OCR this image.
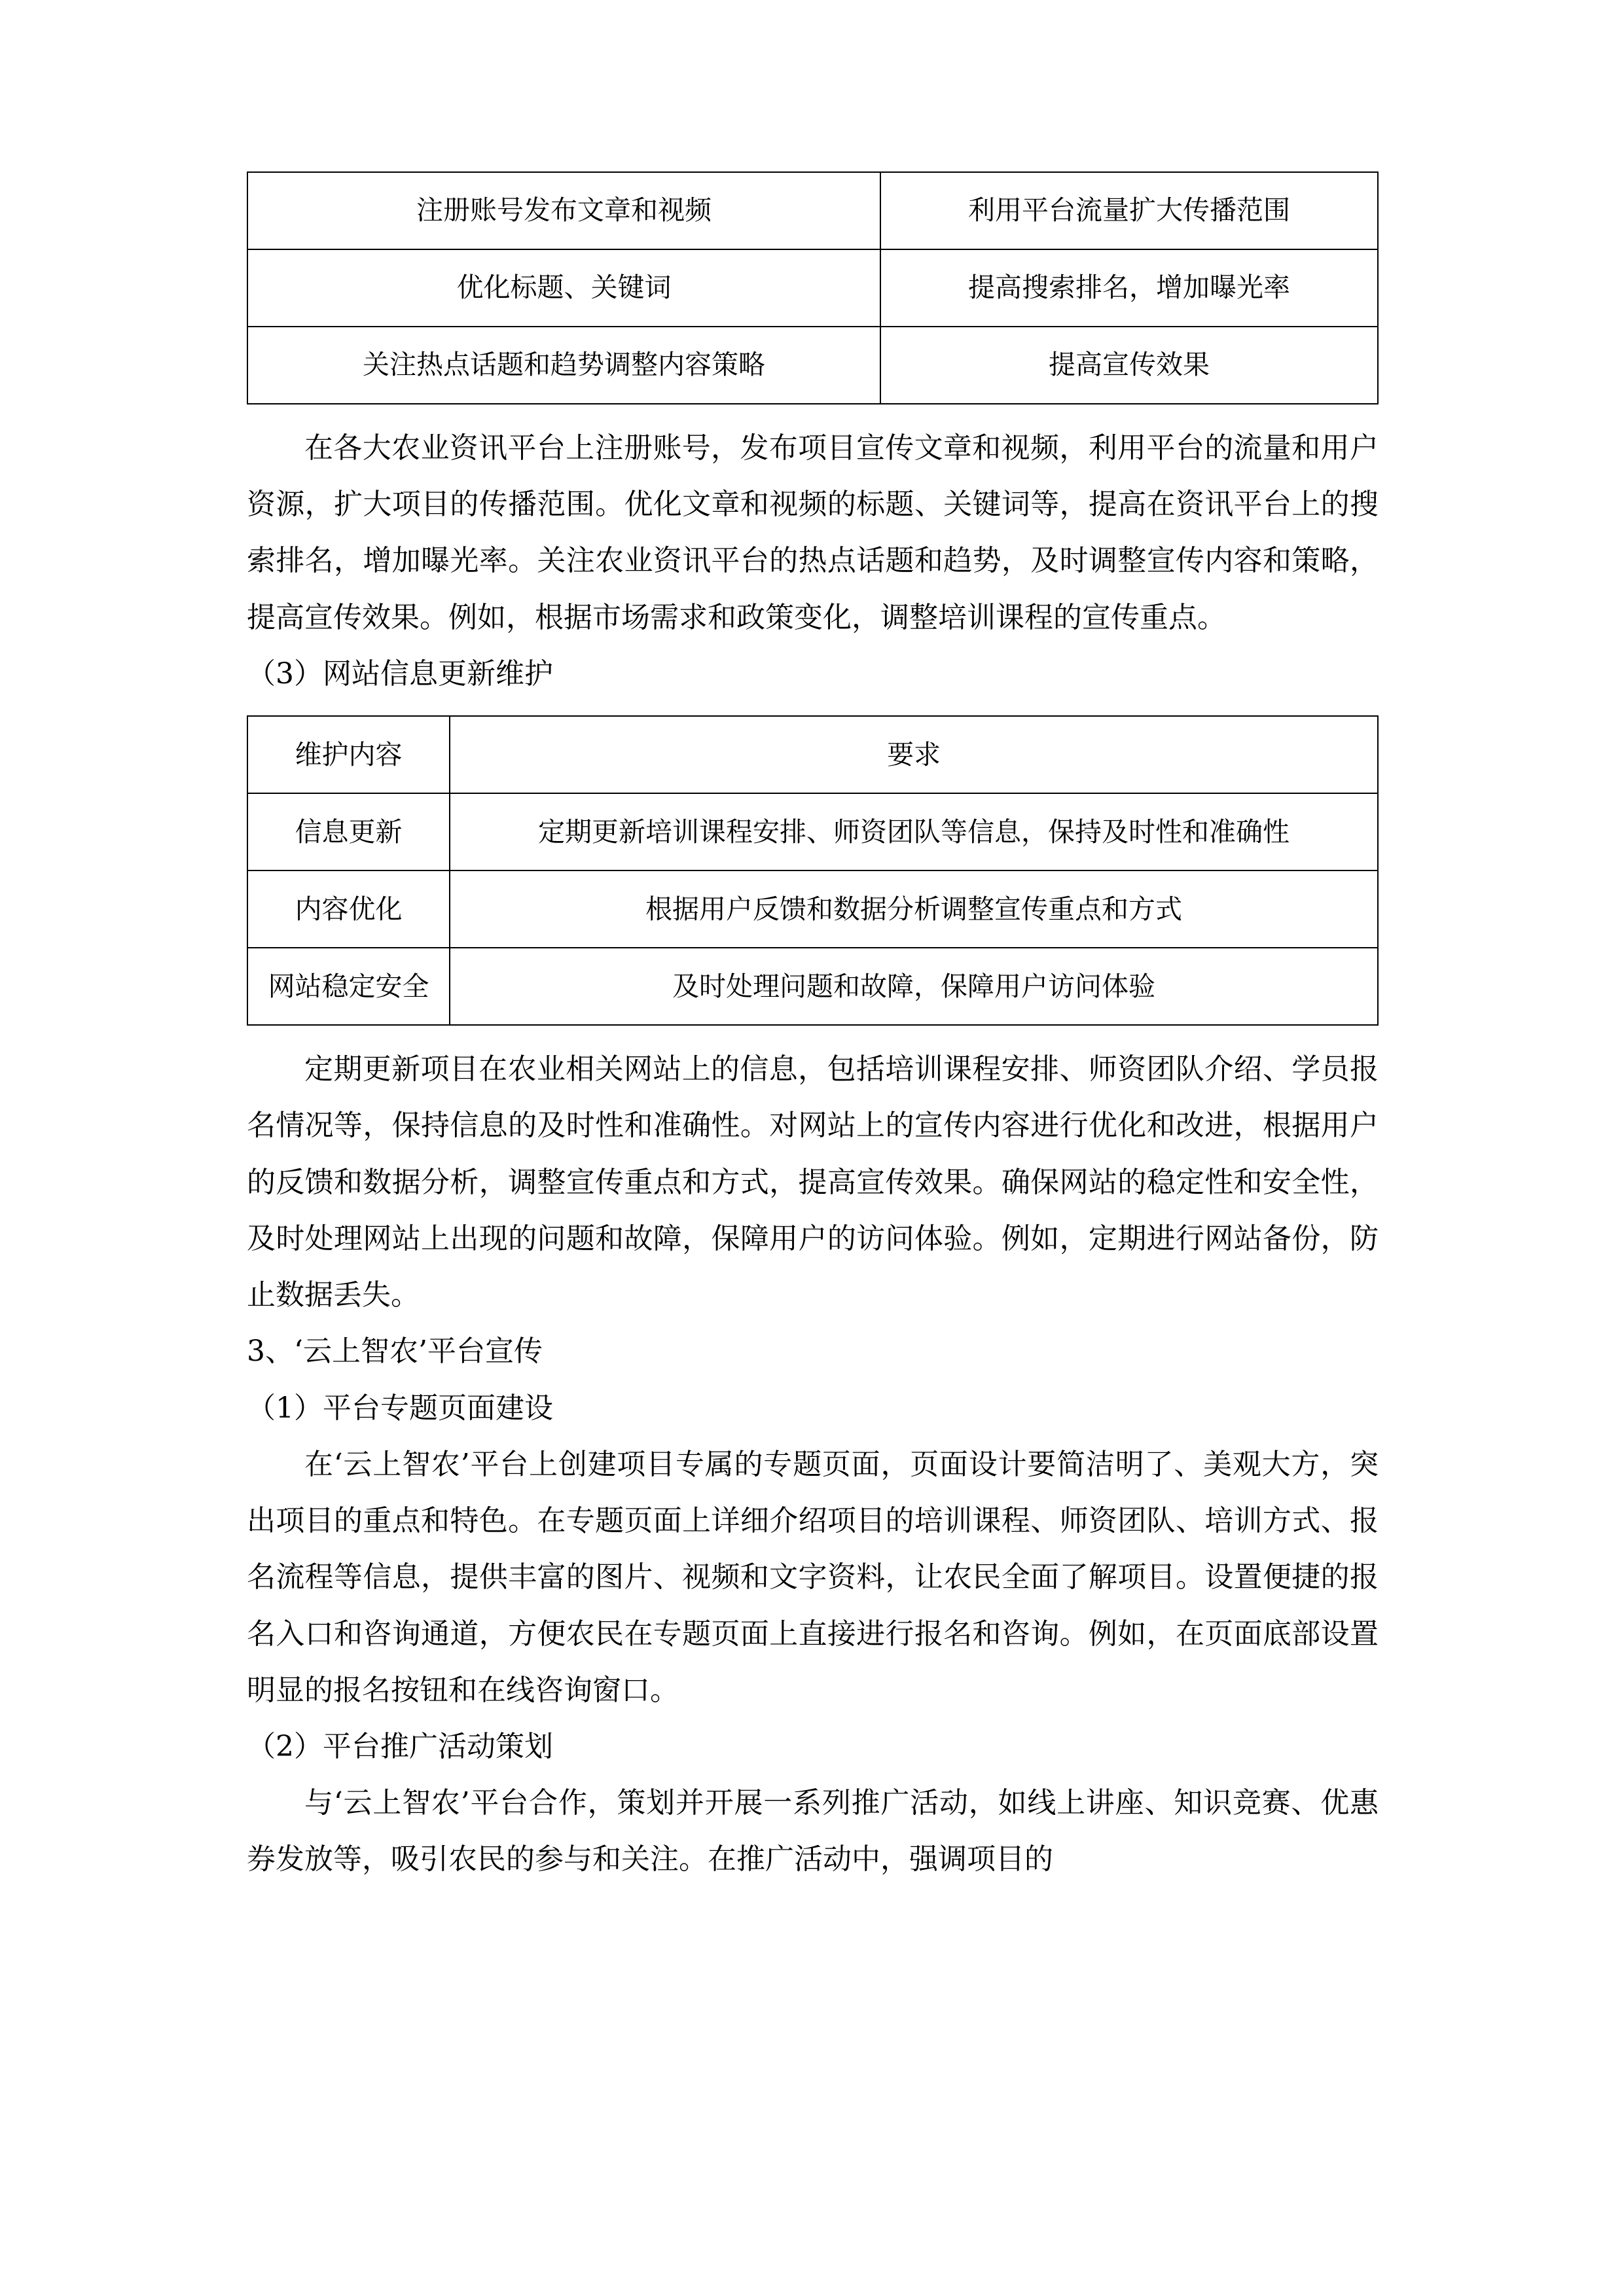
注册账号发布文章和视频	利用平台流量扩大传播范围
优化标题、关键词	提高搜索排名，增加曝光率
关注热点话题和趋势调整内容策略	提高宣传效果

在各大农业资讯平台上注册账号，发布项目宣传文章和视频，利用平台的流量和用户资源，扩大项目的传播范围。优化文章和视频的标题、关键词等，提高在资讯平台上的搜索排名，增加曝光率。关注农业资讯平台的热点话题和趋势，及时调整宣传内容和策略，提高宣传效果。例如，根据市场需求和政策变化，调整培训课程的宣传重点。

（3）网站信息更新维护
维护内容	要求
信息更新	定期更新培训课程安排、师资团队等信息，保持及时性和准确性
内容优化	根据用户反馈和数据分析调整宣传重点和方式
网站稳定安全	及时处理问题和故障，保障用户访问体验

定期更新项目在农业相关网站上的信息，包括培训课程安排、师资团队介绍、学员报名情况等，保持信息的及时性和准确性。对网站上的宣传内容进行优化和改进，根据用户的反馈和数据分析，调整宣传重点和方式，提高宣传效果。确保网站的稳定性和安全性，及时处理网站上出现的问题和故障，保障用户的访问体验。例如，定期进行网站备份，防止数据丢失。

3、‘云上智农’平台宣传
（1）平台专题页面建设

在‘云上智农’平台上创建项目专属的专题页面，页面设计要简洁明了、美观大方，突出项目的重点和特色。在专题页面上详细介绍项目的培训课程、师资团队、培训方式、报名流程等信息，提供丰富的图片、视频和文字资料，让农民全面了解项目。设置便捷的报名入口和咨询通道，方便农民在专题页面上直接进行报名和咨询。例如，在页面底部设置明显的报名按钮和在线咨询窗口。

（2）平台推广活动策划

与‘云上智农’平台合作，策划并开展一系列推广活动，如线上讲座、知识竞赛、优惠券发放等，吸引农民的参与和关注。在推广活动中，强调项目的
